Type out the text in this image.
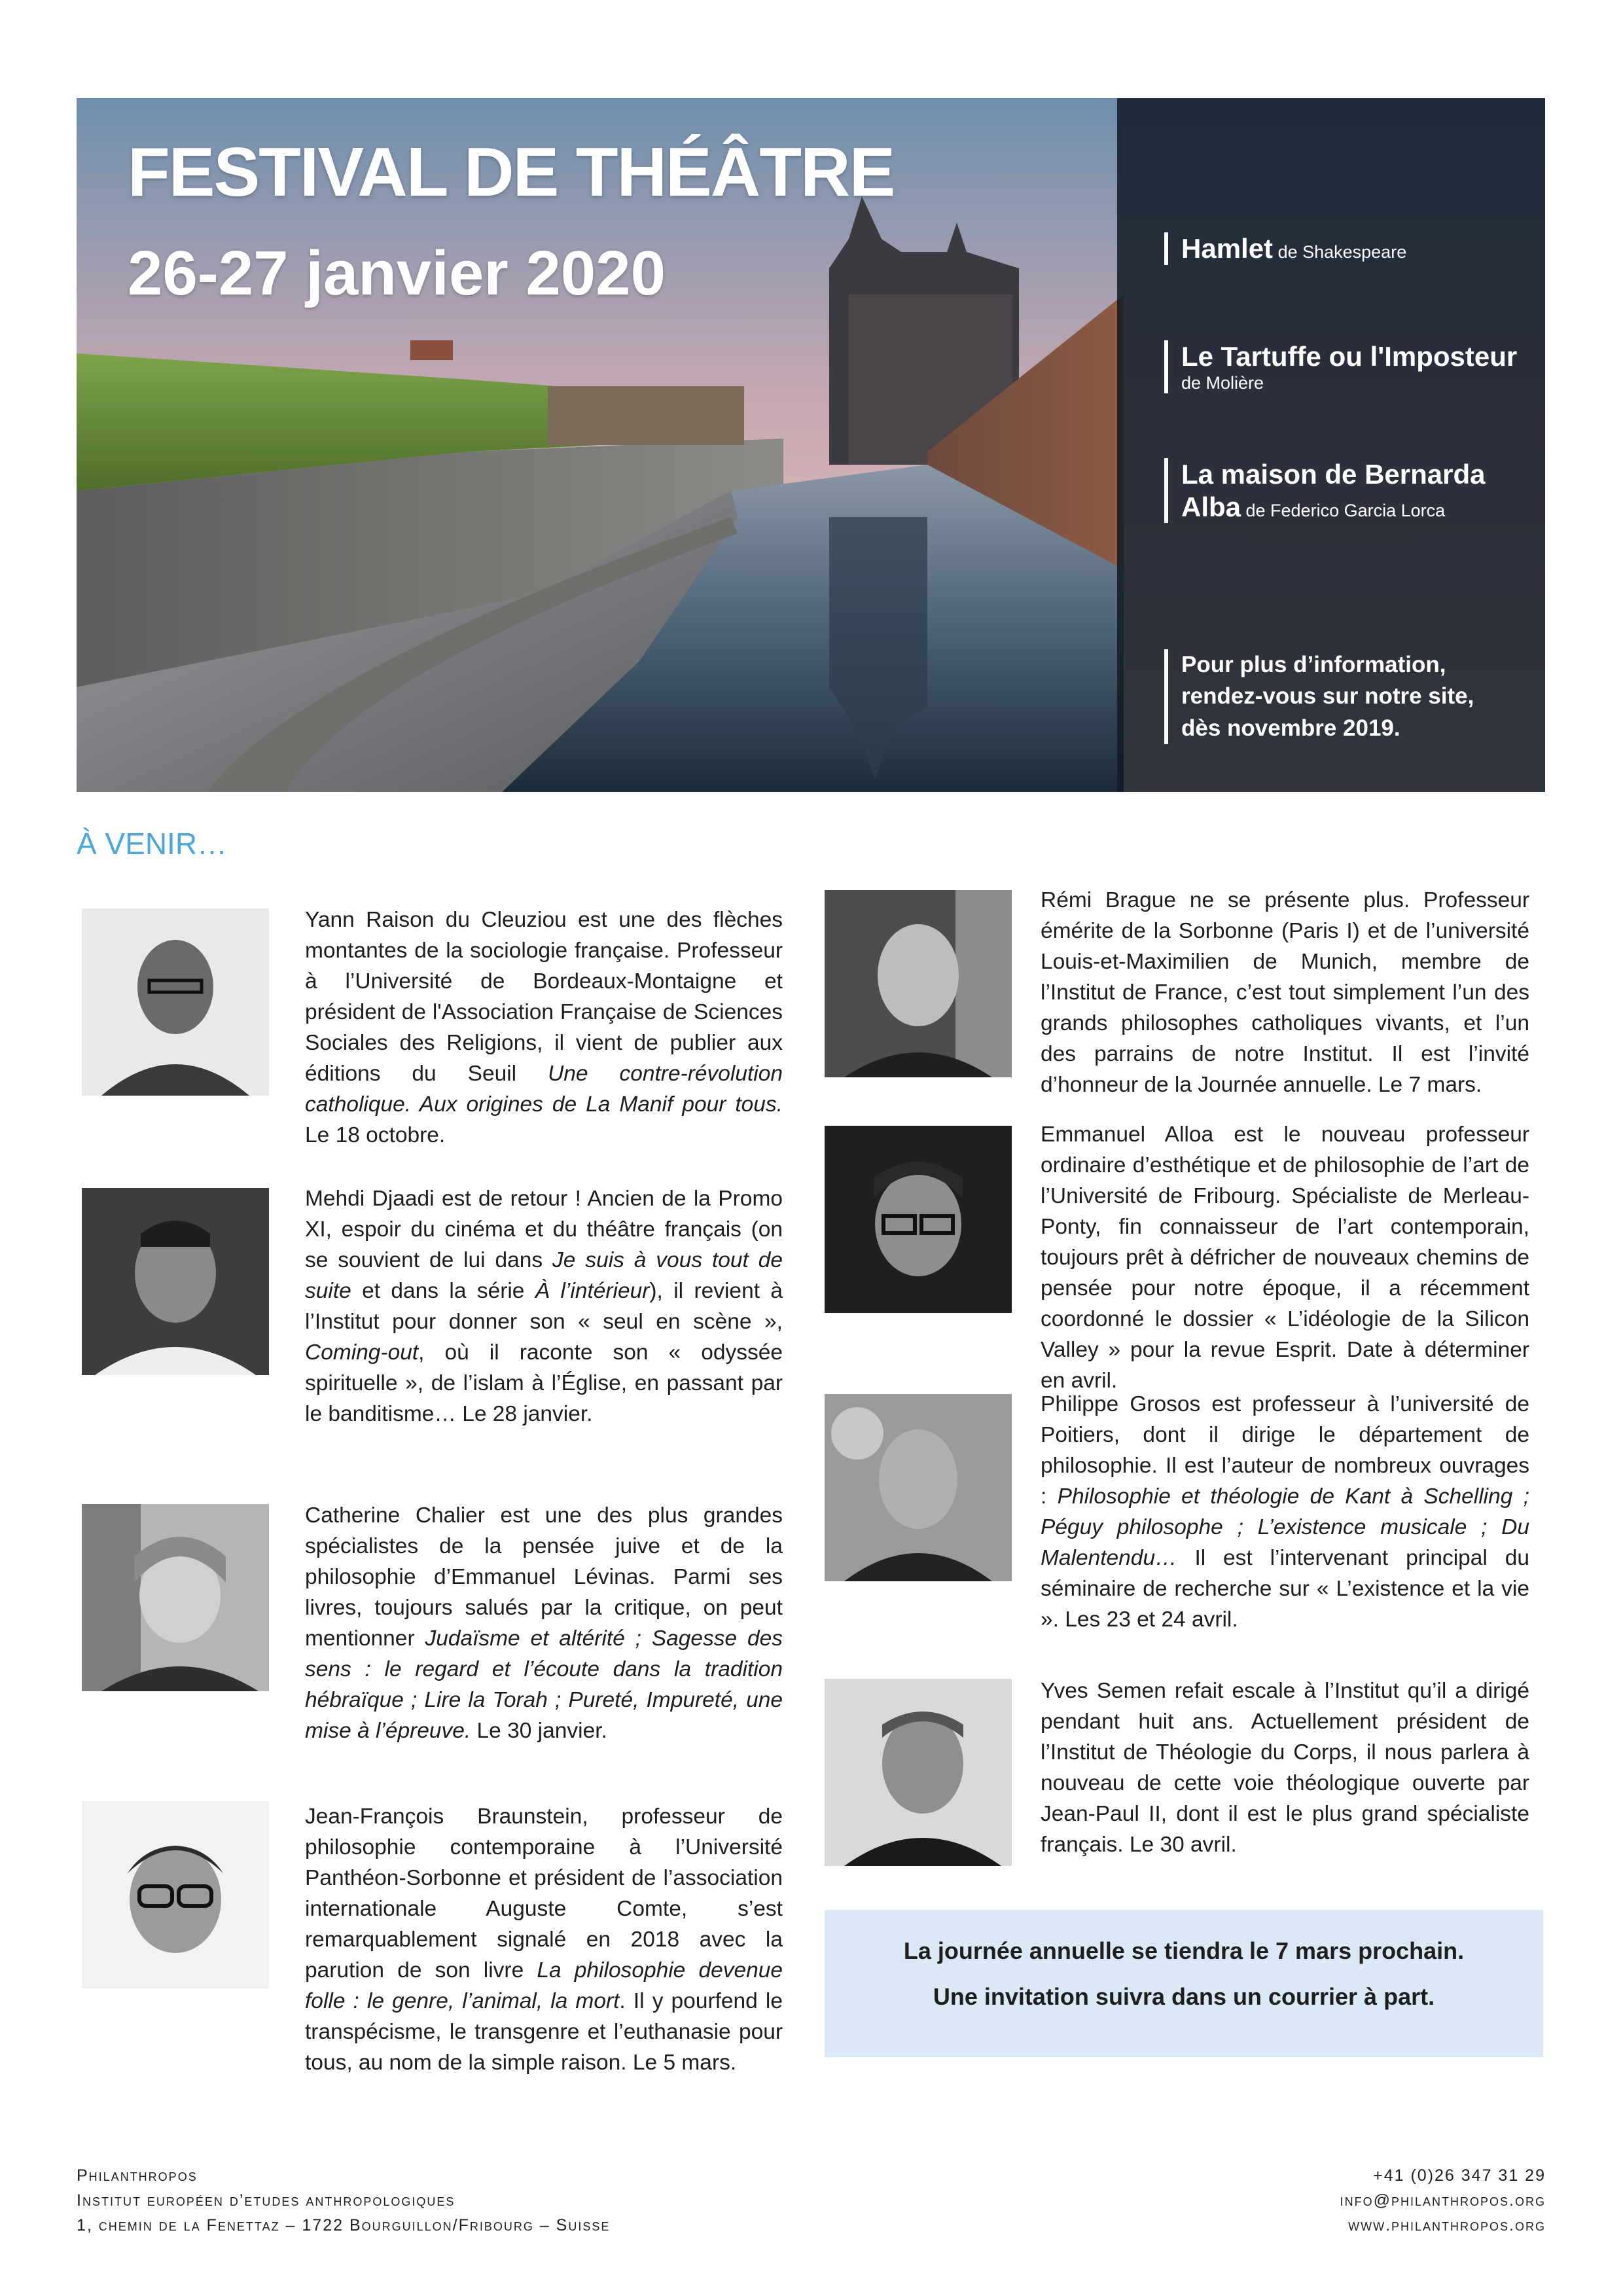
FESTIVAL DE THÉÂTRE
26-27 janvier 2020	Hamlet de Shakespeare
Le Tartuffe ou l'Imposteur
de Molière
La maison de Bernarda Alba de Federico Garcia Lorca
Pour plus d’information,
rendez-vous sur notre site,
dès novembre 2019.
À VENIR…

Yann Raison du Cleuziou est une des flèches montantes de la sociologie française. Professeur à l’Université de Bordeaux-Montaigne et président de l'Association Française de Sciences Sociales des Religions, il vient de publier aux éditions du Seuil Une contre-révolution catholique. Aux origines de La Manif pour tous. Le 18 octobre.

Mehdi Djaadi est de retour ! Ancien de la Promo XI, espoir du cinéma et du théâtre français (on se souvient de lui dans Je suis à vous tout de suite et dans la série À l’intérieur), il revient à l’Institut pour donner son « seul en scène », Coming-out, où il raconte son « odyssée spirituelle », de l’islam à l’Église, en passant par le banditisme… Le 28 janvier.

Catherine Chalier est une des plus grandes spécialistes de la pensée juive et de la philosophie d’Emmanuel Lévinas. Parmi ses livres, toujours salués par la critique, on peut mentionner Judaïsme et altérité ; Sagesse des sens : le regard et l’écoute dans la tradition hébraïque ; Lire la Torah ; Pureté, Impureté, une mise à l’épreuve. Le 30 janvier.

Jean-François Braunstein, professeur de philosophie contemporaine à l’Université Panthéon-Sorbonne et président de l’association internationale Auguste Comte, s’est remarquablement signalé en 2018 avec la parution de son livre La philosophie devenue folle : le genre, l’animal, la mort. Il y pourfend le transpécisme, le transgenre et l’euthanasie pour tous, au nom de la simple raison. Le 5 mars.

Rémi Brague ne se présente plus. Professeur émérite de la Sorbonne (Paris I) et de l’université Louis-et-Maximilien de Munich, membre de l’Institut de France, c’est tout simplement l’un des grands philosophes catholiques vivants, et l’un des parrains de notre Institut. Il est l’invité d’honneur de la Journée annuelle. Le 7 mars.

Emmanuel Alloa est le nouveau professeur ordinaire d’esthétique et de philosophie de l’art de l’Université de Fribourg. Spécialiste de Merleau-Ponty, fin connaisseur de l’art contemporain, toujours prêt à défricher de nouveaux chemins de pensée pour notre époque, il a récemment coordonné le dossier « L’idéologie de la Silicon Valley » pour la revue Esprit. Date à déterminer en avril.

Philippe Grosos est professeur à l’université de Poitiers, dont il dirige le département de philosophie. Il est l’auteur de nombreux ouvrages : Philosophie et théologie de Kant à Schelling ; Péguy philosophe ; L’existence musicale ; Du Malentendu… Il est l’intervenant principal du séminaire de recherche sur « L’existence et la vie ». Les 23 et 24 avril.

Yves Semen refait escale à l’Institut qu’il a dirigé pendant huit ans. Actuellement président de l’Institut de Théologie du Corps, il nous parlera à nouveau de cette voie théologique ouverte par Jean-Paul II, dont il est le plus grand spécialiste français. Le 30 avril.

La journée annuelle se tiendra le 7 mars prochain.

Une invitation suivra dans un courrier à part.

Philanthropos
Institut européen d’etudes anthropologiques
1, chemin de la Fenettaz – 1722 Bourguillon/Fribourg – Suisse
+41 (0)26 347 31 29
info@philanthropos.org
www.philanthropos.org
